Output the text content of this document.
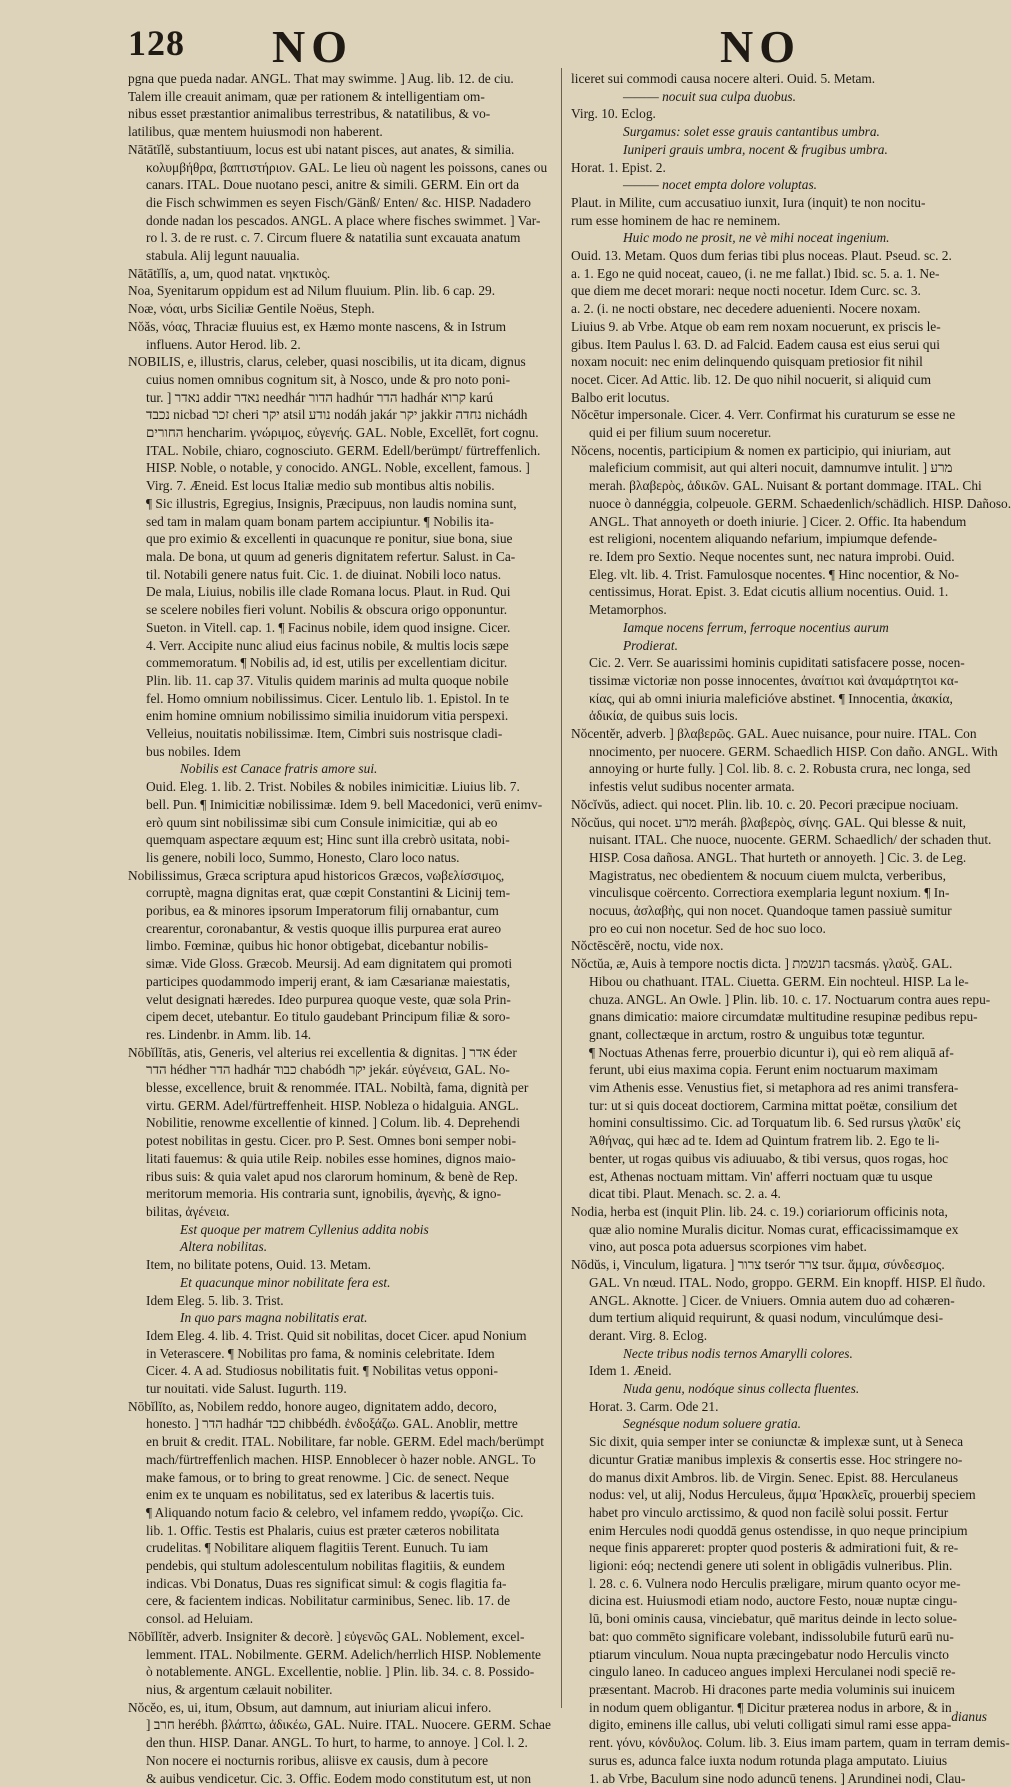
128 NO	NO
pgna que pueda nadar. ANGL. That may swimme. ] Aug. lib. 12. de ciu.
Talem ille creauit animam, quæ per rationem & intelligentiam om-
nibus esset præstantior animalibus terrestribus, & natatilibus, & vo-
latilibus, quæ mentem huiusmodi non haberent.
Nātātĭlĕ, substantiuum, locus est ubi natant pisces, aut anates, & similia.
κολυμβήθρα, βαπτιστήριον. GAL. Le lieu où nagent les poissons, canes ou
canars. ITAL. Doue nuotano pesci, anitre & simili. GERM. Ein ort da
die Fisch schwimmen es seyen Fisch/Gänß/ Enten/ &c. HISP. Nadadero
donde nadan los pescados. ANGL. A place where fisches swimmet. ] Var-
ro l. 3. de re rust. c. 7. Circum fluere & natatilia sunt excauata anatum
stabula. Alij legunt nauualia.
Nātātĭlĭs, a, um, quod natat. νηκτικὸς.
Noa, Syenitarum oppidum est ad Nilum fluuium. Plin. lib. 6 cap. 29.
Noæ, νόαι, urbs Siciliæ Gentile Noëus, Steph.
Nŏăs, νόας, Thraciæ fluuius est, ex Hæmo monte nascens, & in Istrum
influens. Autor Herod. lib. 2.
NOBILIS, e, illustris, clarus, celeber, quasi noscibilis, ut ita dicam, dignus
cuius nomen omnibus cognitum sit, à Nosco, unde & pro noto poni-
tur. ] נאדר addir נאדר needhár הדור hadhúr הדר hadhár קרוא karú
נכבד nicbad זכר cheri יקר atsil נודע nodáh jakár יקר jakkir נחדה nichádh
החורים hencharim. γνώριμος, εὐγενής. GAL. Noble, Excellēt, fort cognu.
ITAL. Nobile, chiaro, cognosciuto. GERM. Edell/berümpt/ fürtreffenlich.
HISP. Noble, o notable, y conocido. ANGL. Noble, excellent, famous. ]
Virg. 7. Æneid. Est locus Italiæ medio sub montibus altis nobilis.
¶ Sic illustris, Egregius, Insignis, Præcipuus, non laudis nomina sunt,
sed tam in malam quam bonam partem accipiuntur. ¶ Nobilis ita-
que pro eximio & excellenti in quacunque re ponitur, siue bona, siue
mala. De bona, ut quum ad generis dignitatem refertur. Salust. in Ca-
til. Notabili genere natus fuit. Cic. 1. de diuinat. Nobili loco natus.
De mala, Liuius, nobilis ille clade Romana locus. Plaut. in Rud. Qui
se scelere nobiles fieri volunt. Nobilis & obscura origo opponuntur.
Sueton. in Vitell. cap. 1. ¶ Facinus nobile, idem quod insigne. Cicer.
4. Verr. Accipite nunc aliud eius facinus nobile, & multis locis sæpe
commemoratum. ¶ Nobilis ad, id est, utilis per excellentiam dicitur.
Plin. lib. 11. cap 37. Vitulis quidem marinis ad multa quoque nobile
fel. Homo omnium nobilissimus. Cicer. Lentulo lib. 1. Epistol. In te
enim homine omnium nobilissimo similia inuidorum vitia perspexi.
Velleius, nouitatis nobilissimæ. Item, Cimbri suis nostrisque cladi-
bus nobiles. Idem
Nobilis est Canace fratris amore sui.
Ouid. Eleg. 1. lib. 2. Trist. Nobiles & nobiles inimicitiæ. Liuius lib. 7.
bell. Pun. ¶ Inimicitiæ nobilissimæ. Idem 9. bell Macedonici, verū enimv-
erò quum sint nobilissimæ sibi cum Consule inimicitiæ, qui ab eo
quemquam aspectare æquum est; Hinc sunt illa crebrò usitata, nobi-
lis genere, nobili loco, Summo, Honesto, Claro loco natus.
Nobilissimus, Græca scriptura apud historicos Græcos, νωβελίσσιμος,
corruptè, magna dignitas erat, quæ cœpit Constantini & Licinij tem-
poribus, ea & minores ipsorum Imperatorum filij ornabantur, cum
crearentur, coronabantur, & vestis quoque illis purpurea erat aureo
limbo. Fœminæ, quibus hic honor obtigebat, dicebantur nobilis-
simæ. Vide Gloss. Græcob. Meursij. Ad eam dignitatem qui promoti
participes quodammodo imperij erant, & iam Cæsarianæ maiestatis,
velut designati hæredes. Ideo purpurea quoque veste, quæ sola Prin-
cipem decet, utebantur. Eo titulo gaudebant Principum filiæ & soro-
res. Lindenbr. in Amm. lib. 14.
Nōbĭlĭtās, atis, Generis, vel alterius rei excellentia & dignitas. ] אדר éder
הדר hédher הדר hadhár כבוד chabódh יקר jekár. εὐγένεια, GAL. No-
blesse, excellence, bruit & renommée. ITAL. Nobiltà, fama, dignità per
virtu. GERM. Adel/fürtreffenheit. HISP. Nobleza o hidalguia. ANGL.
Nobilitie, renowme excellentie of kinned. ] Colum. lib. 4. Deprehendi
potest nobilitas in gestu. Cicer. pro P. Sest. Omnes boni semper nobi-
litati fauemus: & quia utile Reip. nobiles esse homines, dignos maio-
ribus suis: & quia valet apud nos clarorum hominum, & benè de Rep.
meritorum memoria. His contraria sunt, ignobilis, ἀγενὴς, & igno-
bilitas, ἀγένεια.
Est quoque per matrem Cyllenius addita nobis
Altera nobilitas.
Item, no bilitate potens, Ouid. 13. Metam.
Et quacunque minor nobilitate fera est.
Idem Eleg. 5. lib. 3. Trist.
In quo pars magna nobilitatis erat.
Idem Eleg. 4. lib. 4. Trist. Quid sit nobilitas, docet Cicer. apud Nonium
in Veterascere. ¶ Nobilitas pro fama, & nominis celebritate. Idem
Cicer. 4. A ad. Studiosus nobilitatis fuit. ¶ Nobilitas vetus opponi-
tur nouitati. vide Salust. Iugurth. 119.
Nōbĭlĭto, as, Nobilem reddo, honore augeo, dignitatem addo, decoro,
honesto. ] הדר hadhár כבד chibbédh. ἐνδοξάζω. GAL. Anoblir, mettre
en bruit & credit. ITAL. Nobilitare, far noble. GERM. Edel mach/berümpt
mach/fürtreffenlich machen. HISP. Ennoblecer ò hazer noble. ANGL. To
make famous, or to bring to great renowme. ] Cic. de senect. Neque
enim ex te unquam es nobilitatus, sed ex lateribus & lacertis tuis.
¶ Aliquando notum facio & celebro, vel infamem reddo, γνωρίζω. Cic.
lib. 1. Offic. Testis est Phalaris, cuius est præter cæteros nobilitata
crudelitas. ¶ Nobilitare aliquem flagitiis Terent. Eunuch. Tu iam
pendebis, qui stultum adolescentulum nobilitas flagitiis, & eundem
indicas. Vbi Donatus, Duas res significat simul: & cogis flagitia fa-
cere, & facientem indicas. Nobilitatur carminibus, Senec. lib. 17. de
consol. ad Heluiam.
Nōbĭlĭtĕr, adverb. Insigniter & decorè. ] εὐγενῶς GAL. Noblement, excel-
lemment. ITAL. Nobilmente. GERM. Adelich/herrlich HISP. Noblemente
ò notablemente. ANGL. Excellentie, noblie. ] Plin. lib. 34. c. 8. Possido-
nius, & argentum cælauit nobiliter.
Nŏcĕo, es, ui, itum, Obsum, aut damnum, aut iniuriam alicui infero.
] חרב herébh. βλάπτω, ἀδικέω, GAL. Nuire. ITAL. Nuocere. GERM. Schae
den thun. HISP. Danar. ANGL. To hurt, to harme, to annoye. ] Col. l. 2.
Non nocere ei nocturnis roribus, aliisve ex causis, dum à pecore
& auibus vendicetur. Cic. 3. Offic. Eodem modo constitutum est, ut non
liceret sui commodi causa nocere alteri. Ouid. 5. Metam.
——— nocuit sua culpa duobus.
Virg. 10. Eclog.
Surgamus: solet esse grauis cantantibus umbra.
Iuniperi grauis umbra, nocent & frugibus umbra.
Horat. 1. Epist. 2.
——— nocet empta dolore voluptas.
Plaut. in Milite, cum accusatiuo iunxit, Iura (inquit) te non nocitu-
rum esse hominem de hac re neminem.
Huic modo ne prosit, ne vè mihi noceat ingenium.
Ouid. 13. Metam. Quos dum ferias tibi plus noceas. Plaut. Pseud. sc. 2.
a. 1. Ego ne quid noceat, caueo, (i. ne me fallat.) Ibid. sc. 5. a. 1. Ne-
que diem me decet morari: neque nocti nocetur. Idem Curc. sc. 3.
a. 2. (i. ne nocti obstare, nec decedere aduenienti. Nocere noxam.
Liuius 9. ab Vrbe. Atque ob eam rem noxam nocuerunt, ex priscis le-
gibus. Item Paulus l. 63. D. ad Falcid. Eadem causa est eius serui qui
noxam nocuit: nec enim delinquendo quisquam pretiosior fit nihil
nocet. Cicer. Ad Attic. lib. 12. De quo nihil nocuerit, si aliquid cum
Balbo erit locutus.
Nŏcētur impersonale. Cicer. 4. Verr. Confirmat his curaturum se esse ne
quid ei per filium suum noceretur.
Nŏcens, nocentis, participium & nomen ex participio, qui iniuriam, aut
maleficium commisit, aut qui alteri nocuit, damnumve intulit. ] מרע
merah. βλαβερὸς, ἀδικῶν. GAL. Nuisant & portant dommage. ITAL. Chi
nuoce ò dannéggia, colpeuole. GERM. Schaedenlich/schädlich. HISP. Dañoso.
ANGL. That annoyeth or doeth iniurie. ] Cicer. 2. Offic. Ita habendum
est religioni, nocentem aliquando nefarium, impiumque defende-
re. Idem pro Sextio. Neque nocentes sunt, nec natura improbi. Ouid.
Eleg. vlt. lib. 4. Trist. Famulosque nocentes. ¶ Hinc nocentior, & No-
centissimus, Horat. Epist. 3. Edat cicutis allium nocentius. Ouid. 1.
Metamorphos.
Iamque nocens ferrum, ferroque nocentius aurum
Prodierat.
Cic. 2. Verr. Se auarissimi hominis cupiditati satisfacere posse, nocen-
tissimæ victoriæ non posse innocentes, ἀναίτιοι καὶ ἀναμάρτητοι κα-
κίας, qui ab omni iniuria maleficióve abstinet. ¶ Innocentia, ἀκακία,
ἀδικία, de quibus suis locis.
Nŏcentĕr, adverb. ] βλαβερῶς. GAL. Auec nuisance, pour nuire. ITAL. Con
nnocimento, per nuocere. GERM. Schaedlich HISP. Con daño. ANGL. With
annoying or hurte fully. ] Col. lib. 8. c. 2. Robusta crura, nec longa, sed
infestis velut sudibus nocenter armata.
Nŏcĭvŭs, adiect. qui nocet. Plin. lib. 10. c. 20. Pecori præcipue nociuam.
Nŏcŭus, qui nocet. מרע meráh. βλαβερὸς, σίνης. GAL. Qui blesse & nuit,
nuisant. ITAL. Che nuoce, nuocente. GERM. Schaedlich/ der schaden thut.
HISP. Cosa dañosa. ANGL. That hurteth or annoyeth. ] Cic. 3. de Leg.
Magistratus, nec obedientem & nocuum ciuem mulcta, verberibus,
vinculisque coërcento. Correctiora exemplaria legunt noxium. ¶ In-
nocuus, ἀσλαβὴς, qui non nocet. Quandoque tamen passiuè sumitur
pro eo cui non nocetur. Sed de hoc suo loco.
Nŏctēscĕrĕ, noctu, vide nox.
Nŏctŭa, æ, Auis à tempore noctis dicta. ] תנשמת tacsmás. γλαὺξ. GAL.
Hibou ou chathuant. ITAL. Ciuetta. GERM. Ein nochteul. HISP. La le-
chuza. ANGL. An Owle. ] Plin. lib. 10. c. 17. Noctuarum contra aues repu-
gnans dimicatio: maiore circumdatæ multitudine resupinæ pedibus repu-
gnant, collectæque in arctum, rostro & unguibus totæ teguntur.
¶ Noctuas Athenas ferre, prouerbio dicuntur i), qui eò rem aliquā af-
ferunt, ubi eius maxima copia. Ferunt enim noctuarum maximam
vim Athenis esse. Venustius fiet, si metaphora ad res animi transfera-
tur: ut si quis doceat doctiorem, Carmina mittat poëtæ, consilium det
homini consultissimo. Cic. ad Torquatum lib. 6. Sed rursus γλαῦκ' εἰς
Ἀθήνας, qui hæc ad te. Idem ad Quintum fratrem lib. 2. Ego te li-
benter, ut rogas quibus vis adiuuabo, & tibi versus, quos rogas, hoc
est, Athenas noctuam mittam. Vin' afferri noctuam quæ tu usque
dicat tibi. Plaut. Menach. sc. 2. a. 4.
Nodia, herba est (inquit Plin. lib. 24. c. 19.) coriariorum officinis nota,
quæ alio nomine Muralis dicitur. Nomas curat, efficacissimamque ex
vino, aut posca pota aduersus scorpiones vim habet.
Nōdŭs, i, Vinculum, ligatura. ] צרור tserór צרר tsur. ἅμμα, σύνδεσμος.
GAL. Vn nœud. ITAL. Nodo, groppo. GERM. Ein knopff. HISP. El ñudo.
ANGL. Aknotte. ] Cicer. de Vniuers. Omnia autem duo ad cohæren-
dum tertium aliquid requirunt, & quasi nodum, vinculúmque desi-
derant. Virg. 8. Eclog.
Necte tribus nodis ternos Amarylli colores.
Idem 1. Æneid.
Nuda genu, nodóque sinus collecta fluentes.
Horat. 3. Carm. Ode 21.
Segnésque nodum soluere gratia.
Sic dixit, quia semper inter se coniunctæ & implexæ sunt, ut à Seneca
dicuntur Gratiæ manibus implexis & consertis esse. Hoc stringere no-
do manus dixit Ambros. lib. de Virgin. Senec. Epist. 88. Herculaneus
nodus: vel, ut alij, Nodus Herculeus, ἅμμα Ἡρακλεῖς, prouerbij speciem
habet pro vinculo arctissimo, & quod non facilè solui possit. Fertur
enim Hercules nodi quoddā genus ostendisse, in quo neque principium
neque finis appareret: propter quod posteris & admirationi fuit, & re-
ligioni: eóq; nectendi genere uti solent in obligādis vulneribus. Plin.
l. 28. c. 6. Vulnera nodo Herculis præligare, mirum quanto ocyor me-
dicina est. Huiusmodi etiam nodo, auctore Festo, nouæ nuptæ cingu-
lū, boni ominis causa, vinciebatur, quē maritus deinde in lecto solue-
bat: quo commēto significare volebant, indissolubile futurū earū nu-
ptiarum vinculum. Noua nupta præcingebatur nodo Herculis vincto
cingulo laneo. In caduceo angues implexi Herculanei nodi speciē re-
præsentant. Macrob. Hi dracones parte media voluminis sui inuicem
in nodum quem obligantur. ¶ Dicitur præterea nodus in arbore, & in
digito, eminens ille callus, ubi veluti colligati simul rami esse appa-
rent. γόνυ, κόνδυλος. Colum. lib. 3. Eius imam partem, quam in terram demis-
surus es, adunca falce iuxta nodum rotunda plaga amputato. Liuius
1. ab Vrbe, Baculum sine nodo aduncū tenens. ] Arundinei nodi, Clau-
dianus
